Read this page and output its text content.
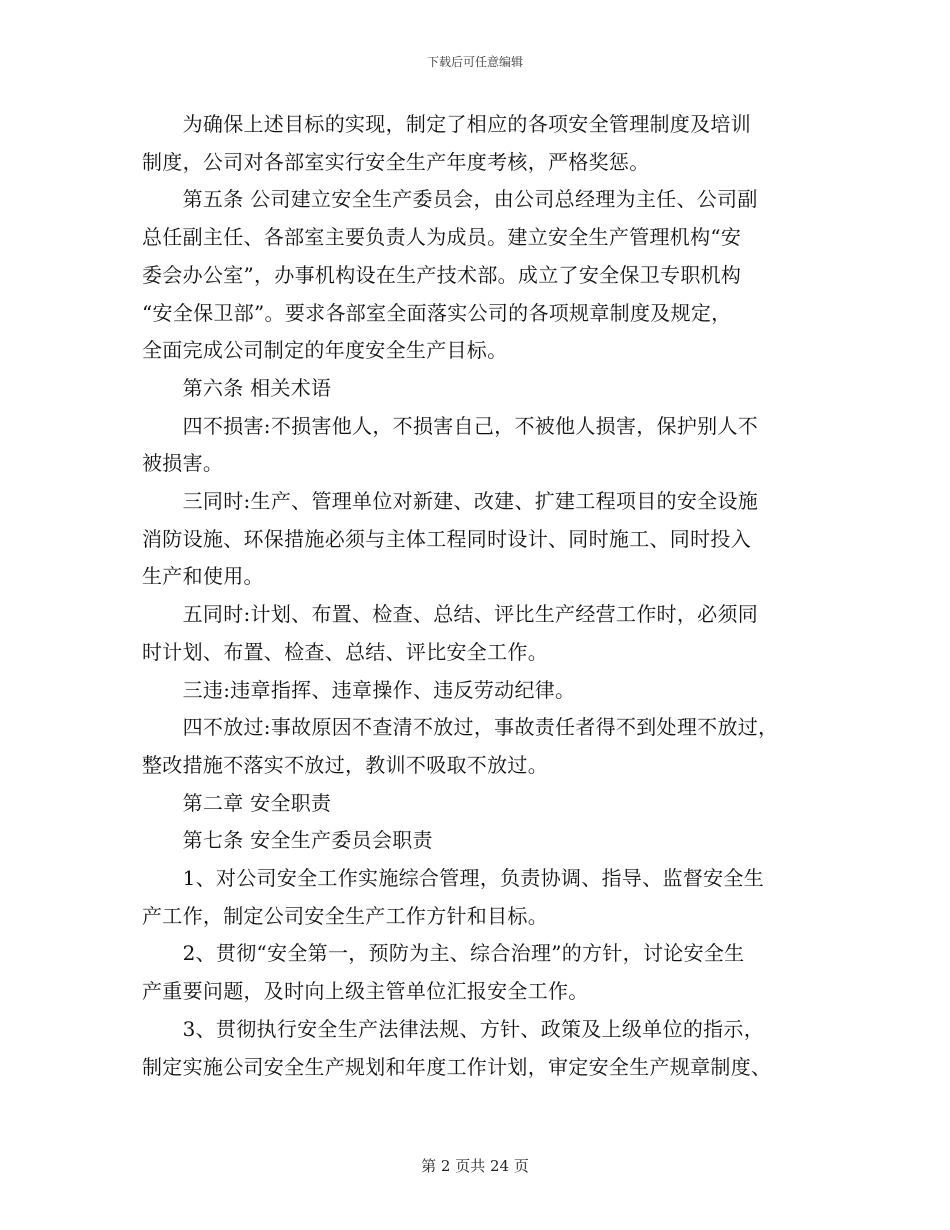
下载后可任意编辑

　　为确保上述目标的实现，制定了相应的各项安全管理制度及培训

制度，公司对各部室实行安全生产年度考核，严格奖惩。

　　第五条 公司建立安全生产委员会，由公司总经理为主任、公司副

总任副主任、各部室主要负责人为成员。建立安全生产管理机构“安

委会办公室”，办事机构设在生产技术部。成立了安全保卫专职机构

“安全保卫部”。要求各部室全面落实公司的各项规章制度及规定，

全面完成公司制定的年度安全生产目标。

　　第六条 相关术语

　　四不损害:不损害他人，不损害自己，不被他人损害，保护别人不

被损害。

　　三同时:生产、管理单位对新建、改建、扩建工程项目的安全设施

消防设施、环保措施必须与主体工程同时设计、同时施工、同时投入

生产和使用。

　　五同时:计划、布置、检查、总结、评比生产经营工作时，必须同

时计划、布置、检查、总结、评比安全工作。

　　三违:违章指挥、违章操作、违反劳动纪律。

　　四不放过:事故原因不查清不放过，事故责任者得不到处理不放过，

整改措施不落实不放过，教训不吸取不放过。

　　第二章 安全职责

　　第七条 安全生产委员会职责

　　1、对公司安全工作实施综合管理，负责协调、指导、监督安全生

产工作，制定公司安全生产工作方针和目标。

　　2、贯彻“安全第一，预防为主、综合治理”的方针，讨论安全生

产重要问题，及时向上级主管单位汇报安全工作。

　　3、贯彻执行安全生产法律法规、方针、政策及上级单位的指示，

制定实施公司安全生产规划和年度工作计划，审定安全生产规章制度、

第 2 页共 24 页
